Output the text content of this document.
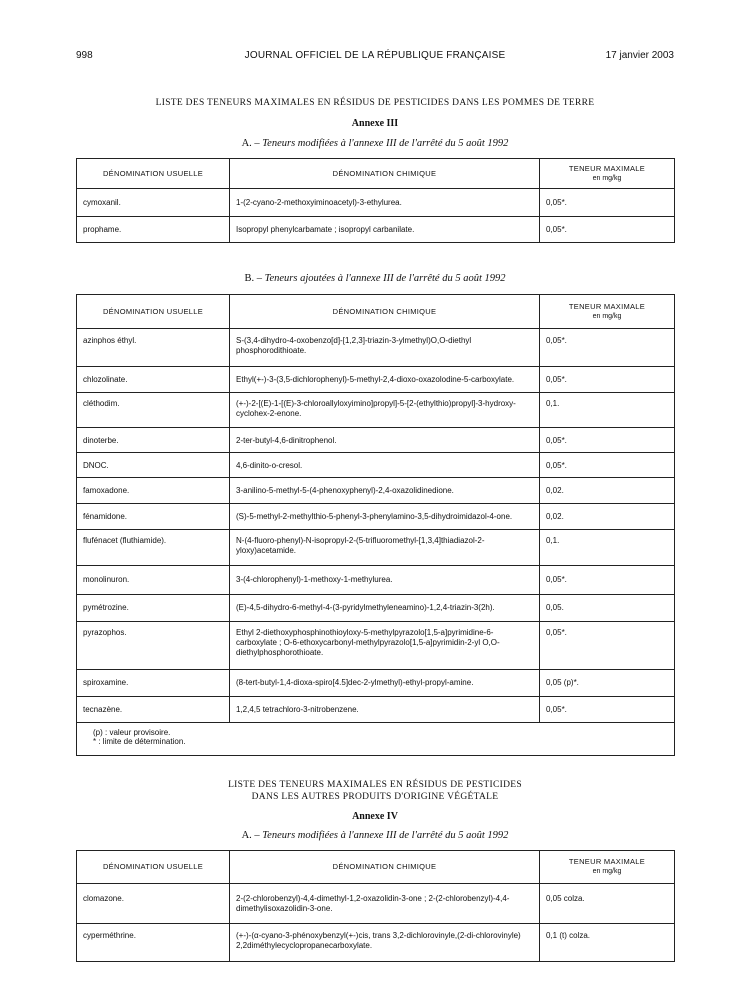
998	JOURNAL OFFICIEL DE LA RÉPUBLIQUE FRANÇAISE	17 janvier 2003
LISTE DES TENEURS MAXIMALES EN RÉSIDUS DE PESTICIDES DANS LES POMMES DE TERRE
Annexe III
A. – Teneurs modifiées à l'annexe III de l'arrêté du 5 août 1992
DÉNOMINATION USUELLE	DÉNOMINATION CHIMIQUE	TENEUR MAXIMALE
en mg/kg

cymoxanil.	1-(2-cyano-2-methoxyiminoacetyl)-3-ethylurea.	0,05*.
prophame.	Isopropyl phenylcarbamate ; isopropyl carbanilate.	0,05*.
B. – Teneurs ajoutées à l'annexe III de l'arrêté du 5 août 1992
DÉNOMINATION USUELLE	DÉNOMINATION CHIMIQUE	TENEUR MAXIMALE
en mg/kg

azinphos éthyl.	S-(3,4-dihydro-4-oxobenzo[d]-[1,2,3]-triazin-3-ylmethyl)O,O-diethyl phosphorodithioate.	0,05*.
chlozolinate.	Ethyl(+-)-3-(3,5-dichlorophenyl)-5-methyl-2,4-dioxo-oxazolodine-5-carboxylate.	0,05*.
cléthodim.	(+-)-2-[(E)-1-[(E)-3-chloroallyloxyimino]propyl]-5-[2-(ethylthio)propyl]-3-hydroxy-cyclohex-2-enone.	0,1.
dinoterbe.	2-ter-butyl-4,6-dinitrophenol.	0,05*.
DNOC.	4,6-dinito-o-cresol.	0,05*.
famoxadone.	3-anilino-5-methyl-5-(4-phenoxyphenyl)-2,4-oxazolidinedione.	0,02.
fénamidone.	(S)-5-methyl-2-methylthio-5-phenyl-3-phenylamino-3,5-dihydroimidazol-4-one.	0,02.
flufénacet (fluthiamide).	N-(4-fluoro-phenyl)-N-isopropyl-2-(5-trifluoromethyl-[1,3,4]thiadiazol-2-yloxy)acetamide.	0,1.
monolinuron.	3-(4-chlorophenyl)-1-methoxy-1-methylurea.	0,05*.
pymétrozine.	(E)-4,5-dihydro-6-methyl-4-(3-pyridylmethyleneamino)-1,2,4-triazin-3(2h).	0,05.
pyrazophos.	Ethyl 2-diethoxyphosphinothioyloxy-5-methylpyrazolo[1,5-a]pyrimidine-6-carboxylate ; O-6-ethoxycarbonyl-methylpyrazolo[1,5-a]pyrimidin-2-yl O,O-diethylphosphorothioate.	0,05*.
spiroxamine.	(8-tert-butyl-1,4-dioxa-spiro[4.5]dec-2-ylmethyl)-ethyl-propyl-amine.	0,05 (p)*.
tecnazène.	1,2,4,5 tetrachloro-3-nitrobenzene.	0,05*.

(p) : valeur provisoire.
* : limite de détermination.		
LISTE DES TENEURS MAXIMALES EN RÉSIDUS DE PESTICIDES
DANS LES AUTRES PRODUITS D'ORIGINE VÉGÉTALE
Annexe IV
A. – Teneurs modifiées à l'annexe III de l'arrêté du 5 août 1992
DÉNOMINATION USUELLE	DÉNOMINATION CHIMIQUE	TENEUR MAXIMALE
en mg/kg

clomazone.	2-(2-chlorobenzyl)-4,4-dimethyl-1,2-oxazolidin-3-one ; 2-(2-chlorobenzyl)-4,4-dimethylisoxazolidin-3-one.	0,05 colza.
cyperméthrine.	(+-)-(α-cyano-3-phénoxybenzyl(+-)cis, trans 3,2-dichlorovinyle,(2-di-chlorovinyle) 2,2diméthylecyclopropanecarboxylate.	0,1 (t) colza.
